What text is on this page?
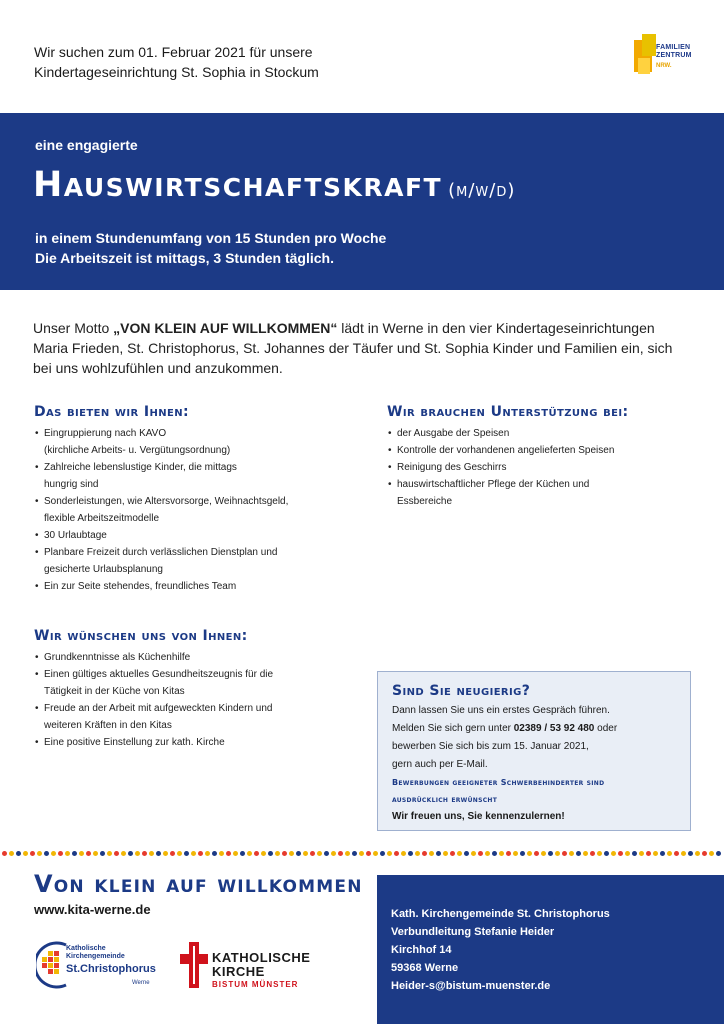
Wir suchen zum 01. Februar 2021 für unsere
Kindertageseinrichtung St. Sophia in Stockum
FAMILIEN
ZENTRUM
NRW.
eine engagierte
Hauswirtschaftskraft (m/w/d)
in einem Stundenumfang von 15 Stunden pro Woche
Die Arbeitszeit ist mittags, 3 Stunden täglich.

Unser Motto „VON KLEIN AUF WILLKOMMEN“ lädt in Werne in den vier Kindertageseinrichtungen Maria Frieden, St. Christophorus, St. Johannes der Täufer und St. Sophia Kinder und Familien ein, sich bei uns wohlzufühlen und anzukommen.

Das bieten wir Ihnen:
• Eingruppierung nach KAVO
(kirchliche Arbeits- u. Vergütungsordnung)
• Zahlreiche lebenslustige Kinder, die mittags
hungrig sind
• Sonderleistungen, wie Altersvorsorge, Weihnachtsgeld,
flexible Arbeitszeitmodelle
• 30 Urlaubtage
• Planbare Freizeit durch verlässlichen Dienstplan und
gesicherte Urlaubsplanung
• Ein zur Seite stehendes, freundliches Team
Wir brauchen Unterstützung bei:
• der Ausgabe der Speisen
• Kontrolle der vorhandenen angelieferten Speisen
• Reinigung des Geschirrs
• hauswirtschaftlicher Pflege der Küchen und
Essbereiche
Wir wünschen uns von Ihnen:
• Grundkenntnisse als Küchenhilfe
• Einen gültiges aktuelles Gesundheitszeugnis für die
Tätigkeit in der Küche von Kitas
• Freude an der Arbeit mit aufgeweckten Kindern und
weiteren Kräften in den Kitas
• Eine positive Einstellung zur kath. Kirche
Sind Sie neugierig?

Dann lassen Sie uns ein erstes Gespräch führen.

Melden Sie sich gern unter 02389 / 53 92 480 oder

bewerben Sie sich bis zum 15. Januar 2021,

gern auch per E-Mail.

Bewerbungen geeigneter Schwerbehinderter sind

ausdrücklich erwünscht

Wir freuen uns, Sie kennenzulernen!

Von klein auf willkommen
www.kita-werne.de
Katholische
Kirchengemeinde
St.Christophorus
Werne
KATHOLISCHE
KIRCHE
BISTUM MÜNSTER
Kath. Kirchengemeinde St. Christophorus
Verbundleitung Stefanie Heider
Kirchhof 14
59368 Werne
Heider-s@bistum-muenster.de
